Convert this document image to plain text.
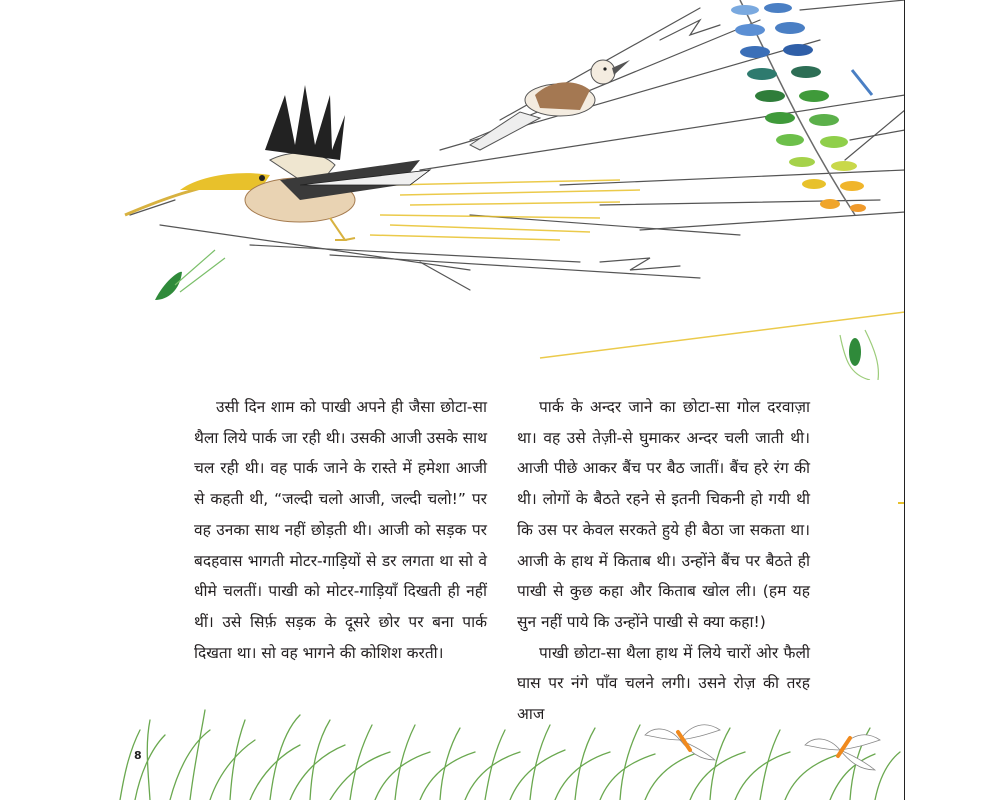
उसी दिन शाम को पाखी अपने ही जैसा छोटा-सा थैला लिये पार्क जा रही थी। उसकी आजी उसके साथ चल रही थी। वह पार्क जाने के रास्ते में हमेशा आजी से कहती थी, “जल्दी चलो आजी, जल्दी चलो!” पर वह उनका साथ नहीं छोड़ती थी। आजी को सड़क पर बदहवास भागती मोटर-गाड़ियों से डर लगता था सो वे धीमे चलतीं। पाखी को मोटर-गाड़ियाँ दिखती ही नहीं थीं। उसे सिर्फ़ सड़क के दूसरे छोर पर बना पार्क दिखता था। सो वह भागने की कोशिश करती।

पार्क के अन्दर जाने का छोटा-सा गोल दरवाज़ा था। वह उसे तेज़ी-से घुमाकर अन्दर चली जाती थी। आजी पीछे आकर बैंच पर बैठ जातीं। बैंच हरे रंग की थी। लोगों के बैठते रहने से इतनी चिकनी हो गयी थी कि उस पर केवल सरकते हुये ही बैठा जा सकता था। आजी के हाथ में किताब थी। उन्होंने बैंच पर बैठते ही पाखी से कुछ कहा और किताब खोल ली। (हम यह सुन नहीं पाये कि उन्होंने पाखी से क्या कहा!)

पाखी छोटा-सा थैला हाथ में लिये चारों ओर फैली घास पर नंगे पाँव चलने लगी। उसने रोज़ की तरह आज

8
